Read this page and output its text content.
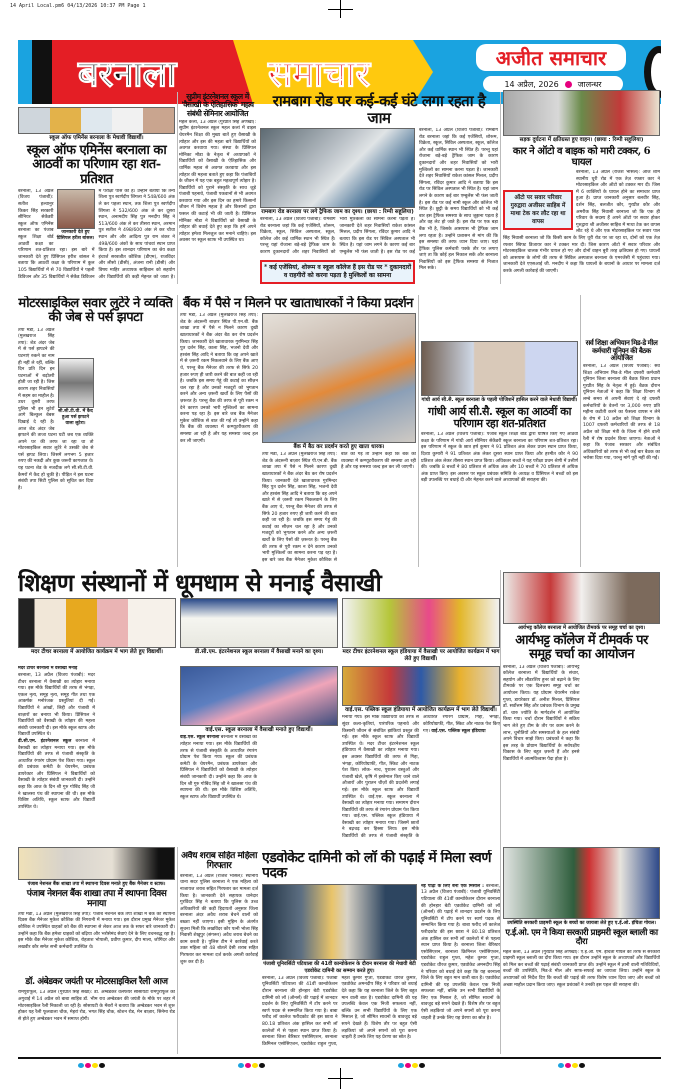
14 April Local.pm6 04/13/2026 10:37 PM Page 1
बरनाला	समाचार	अजीत समाचार
14 अप्रैल, 2026 जालन्धर
स्कूल ऑफ एमिनेंस बरनाला के मेधावी विद्यार्थी।
स्कूल ऑफ एमिनेंस बरनाला का आठवीं का परिणाम रहा शत-प्रतिशत
जानकारी देते हुए प्रिंसिपल हरीश बांसल।
बरनाला, 13 अप्रैल (विजय पंजाबी): सतीश हल्वानुर किकर सिंह सरकारी सीनियर सेकेंडरी स्कूल ऑफ एमिनेंस बरनाला का पंजाब स्कूल शिक्षा बोर्ड आठवीं कक्षा का परिणाम शत-प्रतिशत रहा। इस बारे में जानकारी देते हुए प्रिंसिपल हरीश बांसल ने बताया कि आठवीं कक्षा के परिणाम में कुल 105 विद्यार्थियों में से 70 विद्यार्थियों ने पहली डिविजन और 35 विद्यार्थियों ने सेकेंड डिविजन में परीक्षा पास की है। उन्होंने बताया कि तन्य शिला पुत्र स्वर्णदीप शिंगला ने 548/600 अंक ले कर पहला स्थान, तक शिला पुत्र स्वर्णदीप शिंगला ने 532/600 अंक ले कर दूसरा स्थान, अनामदीप सिंह पुत्र मनदीप सिंह ने 513/600 अंक ले कर तीसरा स्थान, अरमान पुत्र सतीश ने 498/600 अंक ले कर चौथा स्थान और और आदित्य पुत्र राम शंकर ने 498/600 अंकों के साथ पांचवां स्थान प्राप्त किया है। इस शानदार परिणाम का श्रेय कक्षा इंचार्ज सरबजीत कौशिक (डीएम), राजविंदर और लीसो (डीसी), अंजना रानी (डीसी) और विषय माहिर अध्यापक साहिबान को सहयोग और विद्यार्थियों की कड़ी मेहनत को जाता है।
सुप्रीम इंटरनेशनल स्कूल में 'वैसाखी के ऐतिहासिक' महत्व संबंधी सेमिनार आयोजित
महल कलां, 13 अप्रैल (गुरप्रीत सिंह अणखी): सुप्रीम इंटरनेशनल स्कूल महल कलां में वाइस चेयरमैन शिक्षा की मुख्य बातें हुए वैसाखी के त्योहार और इस की महता बारे विद्यार्थियों को अवगत करवाया गया। संस्था के प्रिंसिपल मोनिका मौडा के नेतृत्व में अध्यापकों ने विद्यार्थियों को वैसाखी के ऐतिहासिक और धार्मिक महत्व से अवगत करवाया और इस त्योहार की महत्ता बताते हुए कहा कि पंजाबियों के जीवन में यह एक बहुत महत्वपूर्ण त्योहार है। विद्यार्थियों को पुराने संस्कृति के साथ जुड़े पंजाबी पहनावे, पंजाबी पकवानों से भी अवगत करवाया गया और इस दिन का हमारे किसानों जीवन में विशेष महत्व है और किसानों द्वारा फसल की कटाई भी की जाती है। प्रिंसिपल मोनिका मौडा ने विद्यार्थियों को वैसाखी के त्योहार की बधाई देते हुए कहा कि हमें अपने त्योहार हमेशा मिलजुल कर मनाने चाहिएं। इस अवसर पर स्कूल स्टाफ भी उपस्थित था।
रामबाग रोड पर कई-कई घंटे लगा रहता है जाम
रामबाग रोड बरनाला पर लगे ट्रैफिक जाम का दृश्य। (छाया : रिम्पी सहूलिया)
बरनाला, 13 अप्रैल (विजय पंजाबी): रामबाग रोड बरनाला जहां कि कई एजेंसियों, शोरूम, विक्रेता, स्कूल, सिविल अस्पताल, स्कूल, कॉलेज और कई धार्मिक स्थान भी स्थित हैं। परन्तु यहां रोजाना बड़े-बड़े ट्रैफिक जाम के कारण दुकानदारों और शहर निवासियों को भारी मुश्किलों का सामना करना पड़ता है। जानकारी देते शहर निवासियों राकेश कांसल मित्तल, प्रदीप सिंगला, रविंदर कुमार आदि ने बताया कि इस रोड पर सिविल अस्पताल भी स्थित है। यहां जाम लगने के कारण कई बार एम्बुलेंस भी फंस जाती है। इस रोड पर कई
* कई एजेंसियां, शोरूम व स्कूल कॉलेज हैं इस रोड पर * दुकानदारों व राहगीरों को करना पड़ता है मुश्किलों का सामना
बरनाला, 13 अप्रैल (विजय पंजाबी): रामबाग रोड बरनाला जहां कि कई एजेंसियों, शोरूम, विक्रेता, स्कूल, सिविल अस्पताल, स्कूल, कॉलेज और कई धार्मिक स्थान भी स्थित हैं। परन्तु यहां रोजाना बड़े-बड़े ट्रैफिक जाम के कारण दुकानदारों और शहर निवासियों को भारी मुश्किलों का सामना करना पड़ता है। जानकारी देते शहर निवासियों राकेश कांसल मित्तल, प्रदीप सिंगला, रविंदर कुमार आदि ने बताया कि इस रोड पर सिविल अस्पताल भी स्थित है। यहां जाम लगने के कारण कई बार एम्बुलेंस भी फंस जाती है। इस रोड पर कई नामी स्कूल और कॉलेज भी स्थित हैं। छुट्टी के समय विद्यार्थियों को भी कई बार इस ट्रैफिक समस्या के साथ जूझना पड़ता है और वह लेट हो जाते हैं। इस रोड पर एक बड़ा बैंक भी है, जिसके आसपास भी ट्रैफिक जाम लगा रहता है। उन्होंने प्रशासन से मांग की कि इस समस्या की तरफ ध्यान दिया जाए। यहां ट्रैफिक पुलिस कर्मचारी पक्के तौर पर लगाए जाएं ता कि कोई हल निकाल सकें और बरनाला निवासियों को इस ट्रैफिक समस्या से निजात मिल सके।
सड़क दुर्घटना में क्षतिग्रस्त हुए वाहन। (छाया : रिम्पी सहूलिया)
कार ने ऑटो व बाइक को मारी टक्कर, 6 घायल
ऑटो पर सवार परिवार गुरुद्वारा अजीसर साहिब में माथा टेक कर लौट रहा था वापस
बरनाला, 13 अप्रैल (राजेश भांसल): आज शाम स्थानीय धूरी रोड में एक तेज़ रफ्तार कार ने मोटरसाइकिल और ऑटो को टक्कर मार दी। जिस में 6 व्यक्तियों के घायल होने का समाचार प्राप्त हुआ है। प्राप्त जानकारी अनुसार बलवीर सिंह, दर्शन सिंह, बलजीत कौर, गुरप्रीत कौर और अमरीक सिंह निवासी बरनाला जो कि एक ही परिवार के सदस्य हैं अपने ऑटो पर सवार होकर गुरुद्वारा श्री अजीसर साहिब में माथा टेक कर वापस लौट रहे थे और एक मोटरसाइकिल पर सवार पाल सिंह निवासी बरनाला जो कि किसी काम के लिए धूरी रोड पर जा रहा था, दोनों को एक तेज़ रफ्तार स्विफ्ट डिजायर कार ने टक्कर मार दी। जिस कारण ऑटो में सवार परिवार और मोटरसाइकिल चालक गंभीर घायल हो गए और दोनों वाहन बुरी तरह क्षतिग्रस्त हो गए। घायलों को आसपास के लोगों की तरफ से सिविल अस्पताल बरनाला के एमरजेंसी में पहुंचाया गया। जानकारी देते एएसआई जी. मनदीप ने कहा कि घायलों के बयानों के आधार पर मामला दर्ज करके अगली कार्रवाई की जाएगी।
मोटरसाइकिल सवार लुटेरे ने व्यक्ति की जेब से पर्स झपटा
सी.सी.टी.वी. में कैद हुआ पर्स झपटने वाला लुटेरा।
तपा मंडी, 13 अप्रैल (मुलखराज सिंह तपा): शेड अंदर जेब में से पर्स झपटने की घटनाएं रुकने का नाम ही नहीं ले रहीं, बल्कि दिन प्रति दिन इन घटनाओं में बढ़ोतरी होती जा रही है। जिस कारण शहर निवासियों में सहम का माहौल है। उधर दूसरी तरफ पुलिस भी इन लुटेरों आगे बिल्कुल बेबस दिखाई दे रही है। आज शेड अंदर जेब झपटने की ताजा घटना घटी जब एक व्यक्ति अपने घर की तरफ जा रहा था तो मोटरसाइकिल सवार लुटेरे ने उसकी जेब से पर्स झपट लिया। जिसमें लगभग 5 हजार रुपए की नकदी और कुछ जरूरी कागजात थे। यह घटना शेड के नजदीक लगे सी.सी.टी.वी. कैमरों में कैद हो चुकी है। पीड़ित ने इस घटना संबंधी तपा सिटी पुलिस को सूचित कर दिया है।
बैंक में पैसे न मिलने पर खाताधारकों ने किया प्रदर्शन
तपा मंडी, 13 अप्रैल (मुलखराज सिंह तपा): शेड के अंदरूनी बाज़ार स्थित पी.एन.बी. बैंक शाखा तपा में पैसे न मिलने कारण दुखी खाताधारकों ने बैंक अंदर बैठ कर रोष प्रदर्शन किया। जानकारी देते खाताधारक गुरमिन्दर सिंह पुत्र दर्शन सिंह, काला सिंह, भजनो देवी और हरबंस सिंह आदि ने बताया कि वह अपने खाते में से ज़रूरी रकम निकलवाने के लिए बैंक आए थे, परन्तु बैंक मैनेजर की तरफ से सिर्फ 20 हजार रुपए ही जारी करने की बात कही जा रही है। जबकि इस समय गेहूं की कटाई का सीज़न चल रहा है और उनको मजदूरों को भुगतान करने और अन्य ज़रूरी खर्चों के लिए पैसों की ज़रूरत है। परन्तु बैंक की तरफ से पूरी रकम न देने कारण उनको भारी मुश्किलों का सामना करना पड़ रहा है। इस बारे जब बैंक मैनेजर मुकेश कौशिक से बात की गई तो उन्होंने कहा कि बैंक की व्यवस्था में कम्प्यूटरीकरण की समस्या आ रही है और यह समस्या जल्द हल कर ली जाएगी।
बैंक में बैठ कर प्रदर्शन करते हुए खाता धारक।
तपा मंडी, 13 अप्रैल (मुलखराज सिंह तपा): शेड के अंदरूनी बाज़ार स्थित पी.एन.बी. बैंक शाखा तपा में पैसे न मिलने कारण दुखी खाताधारकों ने बैंक अंदर बैठ कर रोष प्रदर्शन किया। जानकारी देते खाताधारक गुरमिन्दर सिंह पुत्र दर्शन सिंह, काला सिंह, भजनो देवी और हरबंस सिंह आदि ने बताया कि वह अपने खाते में से ज़रूरी रकम निकलवाने के लिए बैंक आए थे, परन्तु बैंक मैनेजर की तरफ से सिर्फ 20 हजार रुपए ही जारी करने की बात कही जा रही है। जबकि इस समय गेहूं की कटाई का सीज़न चल रहा है और उनको मजदूरों को भुगतान करने और अन्य ज़रूरी खर्चों के लिए पैसों की ज़रूरत है। परन्तु बैंक की तरफ से पूरी रकम न देने कारण उनको भारी मुश्किलों का सामना करना पड़ रहा है। इस बारे जब बैंक मैनेजर मुकेश कौशिक से बात की गई तो उन्होंने कहा कि बैंक की व्यवस्था में कम्प्यूटरीकरण की समस्या आ रही है और यह समस्या जल्द हल कर ली जाएगी।
गांधी आर्य सी.सै. स्कूल बरनाला के पहली पोजिशनें हासिल करने वाले मेधावी विद्यार्थी।
गांधी आर्य सी.सै. स्कूल का आठवीं का परिणाम रहा शत-प्रतिशत
बरनाला, 13 अप्रैल (विजय पंजाबी): पंजाब स्कूल शिक्षा बोर्ड द्वारा घोषित किए गए आठवीं कक्षा के परिणाम में गांधी आर्य सीनियर सेकेंडरी स्कूल बरनाला का परिणाम शत-प्रतिशत रहा। इस परिणाम में स्कूल के छात्र हर्ष कुमार ने 91 प्रतिशत अंक लेकर प्रथम स्थान प्राप्त किया, दिव्या कुमारी ने 91 प्रतिशत अंक लेकर दूसरा स्थान प्राप्त किया और हरमीत कौर ने 90 प्रतिशत अंक लेकर तीसरा स्थान प्राप्त किया। अधिकतर बच्चों ने यह परीक्षा प्रथम श्रेणी में उत्तीर्ण की। जबकि 8 बच्चों ने 80 प्रतिशत से अधिक अंक और 10 बच्चों ने 70 प्रतिशत से अधिक अंक प्राप्त किए। इस अवसर पर स्कूल प्रबंधक समिति के अध्यक्ष व प्रिंसिपल ने बच्चों को इस बड़ी उपलब्धि पर बधाई दी और मेहनत करने वाले अध्यापकों की सराहना की।
सर्व शिक्षा अभियान मिड-डे मील कर्मचारी यूनियन की बैठक आयोजित
बरनाला, 13 अप्रैल (विजय पंजाबी): सर्व शिक्षा अभियान मिड-डे मील दफ्तरी कर्मचारी यूनियन जिला बरनाला की बैठक जिला प्रधान गुरप्रीत सिंह के नेतृत्व में हुई। बैठक दौरान यूनियन नेताओं ने कहा कि शिक्षा विभाग में लम्बे समय से अपनी सेवाएं दे रहे दफ्तरी कर्मचारियों के वेतनों पर 3,000 रुपए प्रति महीना कटौती करने का फैसला वापस न लेने के रोष में 10 अप्रैल को शिक्षा विभाग के 1007 दफ्तरी कर्मचारियों की तरफ से 18 अप्रैल को शिक्षा मंत्री के जिला में होने वाली रैली में रोष प्रदर्शन किया जाएगा। नेताओं ने कहा कि पंजाब सरकार और संबंधित अधिकारियों को तरफ से भी कई बार बैठक का भरोसा दिया गया, परन्तु मांगें पूरी नहीं की गईं।
शिक्षण संस्थानों में धूमधाम से मनाई वैसाखी
मदर टीचर बरनाला में आयोजित कार्यक्रम में भाग लेते हुए विद्यार्थी।	डी.सी.एम. इंटरनेशनल स्कूल बरनाला में वैसाखी मनाने का दृश्य।	मदर टीचर इंटरनेशनल स्कूल हंडियाया में वैसाखी पर आयोजित कार्यक्रम में भाग लेते हुए विद्यार्थी।
मदर टीचर बरनाला में वैसाखी मनाई
बरनाला, 13 अप्रैल (विजय पंजाबी): मदर टीचर बरनाला में वैसाखी का त्योहार मनाया गया। इस मौके विद्यार्थियों की तरफ से भंगड़ा, एकल नृत्य, समूह नृत्य, समूह गीत तथा एक आकर्षक मनोरंजक प्रस्तुतियां दी गईं। विद्यार्थियों ने आंखों, लिद्दी और पंजाबी में बाज़ारों का बनाया भी किया। प्रिंसिपल ने विद्यार्थियों को वैसाखी के त्योहार की महत्ता संबंधी जानकारी दी। इस मौके स्कूल स्टाफ और विद्यार्थी उपस्थित थे।
डी.सी.एम. इंटरनेशनल स्कूल बरनाला में वैसाखी का त्योहार मनाया गया। इस मौके विद्यार्थियों की तरफ से पंजाबी संस्कृति के आधारित रंगारंग प्रोग्राम पेश किया गया। स्कूल की प्रबंधक कमेटी के चेयरमैन, प्रबंधक डायरेक्टर और प्रिंसिपल ने विद्यार्थियों को वैसाखी के त्योहार संबंधी जानकारी दी। उन्होंने कहा कि आज के दिन श्री गुरु गोबिंद सिंह जी ने खालसा पंथ की स्थापना की थी। इस मौके विशिष्ट अतिथि, स्कूल स्टाफ और विद्यार्थी उपस्थित थे।
वाई.एस. स्कूल बरनाला में वैसाखी मनाते हुए विद्यार्थी।
वाई.एस. स्कूल बरनाला बरनाला में वैसाखी का त्योहार मनाया गया। इस मौके विद्यार्थियों की तरफ से पंजाबी संस्कृति के आधारित रंगारंग प्रोग्राम पेश किया गया। स्कूल की प्रबंधक कमेटी के चेयरमैन, प्रबंधक डायरेक्टर और प्रिंसिपल ने विद्यार्थियों को वैसाखी के त्योहार संबंधी जानकारी दी। उन्होंने कहा कि आज के दिन श्री गुरु गोबिंद सिंह जी ने खालसा पंथ की स्थापना की थी। इस मौके विशिष्ट अतिथि, स्कूल स्टाफ और विद्यार्थी उपस्थित थे।
वाई.एस. पब्लिक स्कूल हंडियाया में आयोजित कार्यक्रम में भाग लेते विद्यार्थी।
मनाया गया। इस मौके विद्यार्थियों की तरफ से सुंदर कला-कृतियां, पारंपरिक पहनावे और किसानी जीवन से संबंधित झांकियां प्रस्तुत की गईं। इस मौके स्कूल स्टाफ और विद्यार्थी उपस्थित थे। मदर टीचर इंटरनेशनल स्कूल हंडियाया में वैसाखी का त्योहार मनाया गया। इस अवसर विद्यार्थियों की तरफ से गिद्दा, भंगड़ा, कोरियोग्राफी, गीत, स्किट और नाटक पेश किए। लोक- नाच, पुरातन वस्तुओं और पंजाबी खेलें, कृषि में इस्तेमाल किए जाने वाले औजारों और पुरातन चीज़ों की प्रदर्शनी लगाई गई। इस मौके स्कूल स्टाफ और विद्यार्थी उपस्थित थे। वाई.एस. स्कूल बरनाला में वैसाखी का त्योहार मनाया गया। समागम दौरान विद्यार्थियों की तरफ से रंगारंग प्रोग्राम पेश किया गया। वाई.एस. पब्लिक स्कूल हंडियाया में वैसाखी का त्योहार मनाया गया। जिसमें छात्रों ने बढ़चढ़ कर हिस्सा लिया। इस मौके विद्यार्थियों की तरफ से पंजाबी संस्कृति के आधारित रंगारंग प्रोग्राम, गिद्दा, भंगड़ा, कोरियोग्राफी, गीत, स्किट और नाटक पेश किए गए। वाई.एस. पब्लिक स्कूल हंडियाया
आर्यभट्ट कॉलेज बरनाला में आयोजित टीमवर्क पर समूह चर्चा का दृश्य।
आर्यभट्ट कॉलेज में टीमवर्क पर समूह चर्चा का आयोजन
बरनाला, 13 अप्रैल (विजय पंजाबी): आर्यभट्ट कॉलेज बरनाला में विद्यार्थियों के संचार, सहयोग और लीडरशिप हुनर को बढ़ाने के लिए टीमवर्क पर एक दिलचस्प समूह चर्चा का आयोजन किया। यह प्रोग्राम चेयरमैन राकेश गुप्ता, डायरेक्टर डॉ. अनीश मित्तल, प्रिंसिपल डॉ. सर्वोत्तम सिंह और प्रबंधक विभाग के प्रमुख डॉ. चारु ज्योति के मार्गदर्शन में आयोजित किया गया। चर्चा दौरान विद्यार्थियों ने सक्रिय भाग लेते हुए टीम के तौर पर काम करने के लाभ, चुनौतियों और समस्याओं के हल संबंधी अपने विचार साझे किए। प्रबंधकों ने कहा कि इस तरह के प्रोग्राम विद्यार्थियों के सर्वपक्षीय विकास के लिए बहुत ज़रूरी हैं और इनसे विद्यार्थियों में आत्मविश्वास पैदा होता है।
पंजाब नेशनल बैंक शाखा तपा में स्थापना दिवस मनाते हुए बैंक मैनेजर व स्टाफ।
पंजाब नेशनल बैंक शाखा तपा में स्थापना दिवस मनाया
तपा मंडी, 13 अप्रैल (मुलखराज सिंह तपा): पंजाब नेशनल बैंक तपा शाखा में बैंक का स्थापना दिवस बैंक मैनेजर मुकेश कौशिक की निगरानी में मनाया गया। इस दौरान प्रमुख मैनेजर मुकेश कौशिक ने उपस्थित ग्राहकों को बैंक की स्थापना से लेकर आज तक के सफर बारे जानकारी दी। उन्होंने कहा कि बैंक हमेशा ग्राहकों को बढ़िया और भरोसेमंद सेवाएं देने के लिए वचनबद्ध रहा है। इस मौके बैंक मैनेजर मुकेश कौशिक, रोहताश भोपाली, प्रवीण कुमार, दीप माला, जोगिंदर और लखवीर कौर समेत सभी कर्मचारी उपस्थित थे।
डॉ. अंबेडकर जयंती पर मोटरसाइकिल रैली आज
रामपुराफूल, 13 अप्रैल (गुरप्रीत सिंह सेखों): डॉ. अम्बेडकर वेलफेयर सोसायटी रामपुराफूल की अगुवाई में 14 अप्रैल को बाबा साहिब डॉ. भीम राव अम्बेडकर की जयंती के मौके पर शहर में मोटरसाइकिल रैली निकाली जा रही है। सोसायटी के मेंबरों ने बताया कि अम्बेडकर भवन से शुरू होकर यह रैली फूलवाला चौक, मेहरां रोड, भगत सिंह चौक, स्टेशन रोड, मेन बाज़ार, सिनेमा रोड से होते हुए अम्बेडकर भवन में समाप्त होगी।
अवैध शराब सहित महिला गिरफ्तार
बरनाला, 13 अप्रैल (राजेश भांसल): स्थानीय थाना सदर पुलिस बरनाला ने एक महिला को नाजायज शराब सहित गिरफ्तार कर मामला दर्ज किया है। जानकारी देते सहायक थानेदार गुरविंदर सिंह ने बताया कि पुलिस के उच्च अधिकारियों की कड़ी हिदायतों अनुसार जिला बरनाला अंदर अवैध शराब बेचने वालों को बख्शा नहीं जाएगा। इसी मुहिम के अंतर्गत सूचना मिली कि लखविंदर कौर पत्नी भोला सिंह निवासी शेखूपुर (संगरूर) अवैध शराब बेचने का काम करती है। पुलिस टीम ने कार्रवाई करते उक्त महिला को 48 बोतलें देसी शराब सहित गिरफ्तार कर मामला दर्ज करके अगली कार्रवाई शुरू कर दी है।
एडवोकेट दामिनी को लॉ की पढ़ाई में मिला स्वर्ण पदक
पंजाबी यूनिवर्सिटी पटियाला की 41वीं कान्वोकेशन के दौरान बरनाला की मेधावी बेटी एडवोकेट दामिनी का सम्मान करते हुए।
बरनाला, 13 अप्रैल (विजय पंजाबी): पंजाबी यूनिवर्सिटी पटियाला की 41वीं कान्वोकेशन दौरान बरनाला की होनहार बेटी एडवोकेट दामिनी को लॉ (ऑनर्स) की पढ़ाई में शानदार प्रदर्शन के लिए यूनिवर्सिटी में टॉप करने पर स्वर्ण पदक से सम्मानित किया गया है। बाबा फरीद लॉ कालेज फरीदकोट की इस छात्रा ने 80.18 प्रतिशत अंक हासिल कर सभी लॉ कालेजों में से पहला स्थान प्राप्त किया है। बरनाला जिला बैरिस्टर एसोसिएशन, बरनाला क्रिमिनल एसोसिएशन, एडवोकेट राहुल गुप्ता, महेश कुमार गुप्ता, एडवोकेट धीरज कुमार, एडवोकेट अमनदीप सिंह ने परिवार को बधाई देते कहा कि यह बरनाला जिले के लिए बहुत मान वाली बात है। एडवोकेट दामिनी की यह उपलब्धि केवल एक निजी सफलता नहीं, बल्कि उन सभी विद्यार्थियों के लिए एक मिसाल है, जो सीमित साधनों के बावजूद बड़े सपने देखते हैं। विशेष तौर पर बहुत ऐसी लड़कियां जो अपने सपनों को पूरा करना चाहती हैं उनके लिए यह प्रेरणा का स्रोत है।
नई पीढ़ी के लिए बनी एक मिसाल : बरनाला, 13 अप्रैल (विजय पंजाबी): पंजाबी यूनिवर्सिटी पटियाला की 41वीं कान्वोकेशन दौरान बरनाला की होनहार बेटी एडवोकेट दामिनी को लॉ (ऑनर्स) की पढ़ाई में शानदार प्रदर्शन के लिए यूनिवर्सिटी में टॉप करने पर स्वर्ण पदक से सम्मानित किया गया है। बाबा फरीद लॉ कालेज फरीदकोट की इस छात्रा ने 80.18 प्रतिशत अंक हासिल कर सभी लॉ कालेजों में से पहला स्थान प्राप्त किया है। बरनाला जिला बैरिस्टर एसोसिएशन, बरनाला क्रिमिनल एसोसिएशन, एडवोकेट राहुल गुप्ता, महेश कुमार गुप्ता, एडवोकेट धीरज कुमार, एडवोकेट अमनदीप सिंह ने परिवार को बधाई देते कहा कि यह बरनाला जिले के लिए बहुत मान वाली बात है। एडवोकेट दामिनी की यह उपलब्धि केवल एक निजी सफलता नहीं, बल्कि उन सभी विद्यार्थियों के लिए एक मिसाल है, जो सीमित साधनों के बावजूद बड़े सपने देखते हैं। विशेष तौर पर बहुत ऐसी लड़कियां जो अपने सपनों को पूरा करना चाहती हैं उनके लिए यह प्रेरणा का स्रोत है।
उपस्थिति सरकारी प्राइमरी स्कूल के बच्चों का जायजा लेते हुए ए.ई.ओ. इंचिता गोयल।
ए.ई.ओ. एम ने किया सरकारी प्राइमरी स्कूल ब्लाली का दौरा
महल कलां, 13 अप्रैल (गुरप्रीत सिंह अणखी): ए.ई.ओ. एम. इंचिता गोयल की तरफ से सरकारी प्राइमरी स्कूल ब्लाली का दौरा किया गया। इस दौरान उन्होंने स्कूल के अध्यापकों और विद्यार्थियों को मिल कर बच्चों की पढ़ाई संबंधी जानकारी प्राप्त की। उन्होंने स्कूल में ज्ञानी वाली गतिविधियों, बच्चों की उपस्थिति, मिड-डे मील और साफ-सफाई का जायजा लिया। उन्होंने स्कूल के अध्यापकों को निर्देश दिए कि बच्चों की पढ़ाई की तरफ विशेष ध्यान दिया जाए और बच्चों को अच्छा माहौल प्रदान किया जाए। स्कूल प्रबंधकों ने उनकी इस पहल की सराहना की।
